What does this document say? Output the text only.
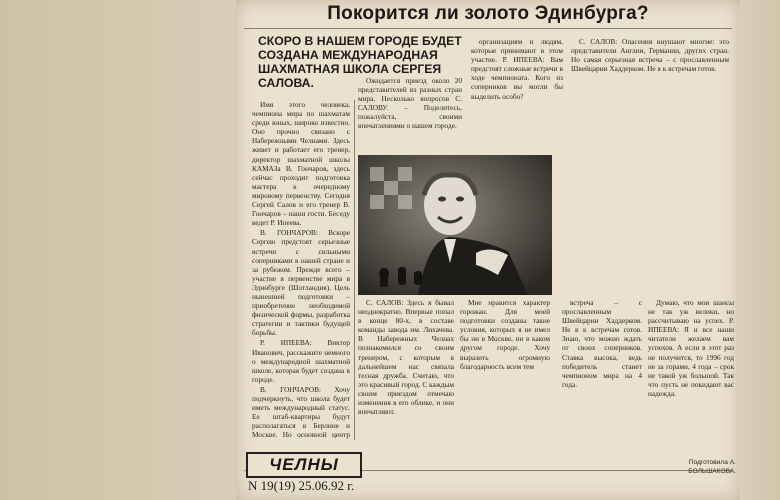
Покорится ли золото Эдинбурга?
СКОРО В НАШЕМ ГОРОДЕ БУДЕТ СОЗДАНА МЕЖДУНАРОДНАЯ ШАХМАТНАЯ ШКОЛА СЕРГЕЯ САЛОВА.

Имя этого человека, чемпиона мира по шахматам среди юных, широко известно. Оно прочно связано с Набережными Челнами. Здесь живет и работает его тренер, директор шахматной школы КАМАЗа В. Гончаров, здесь сейчас проходит подготовка мастера к очередному мировому первенству. Сегодня Сергей Салов и его тренер В. Гончаров – наши гости. Беседу ведет Р. Ипеева.

В. ГОНЧАРОВ: Вскоре Сергею предстоят серьезные встречи с сильными соперниками в нашей стране и за рубежом. Прежде всего – участие в первенстве мира в Эдинбурге (Шотландия). Цель нынешней подготовки – приобретение необходимой физической формы, разработка стратегии и тактики будущей борьбы.

Р. ИПЕЕВА: Виктор Иванович, расскажите немного о международной шахматной школе, которая будет создана в городе.

В. ГОНЧАРОВ: Хочу подчеркнуть, что школа будет иметь международный статус. Ее штаб-квартиры будут располагаться в Берлине и Москве. Но основной центр

Ожидается приезд около 20 представителей из разных стран мира. Несколько вопросов С. САЛОВУ. – Поделитесь, пожалуйста, своими впечатлениями о нашем городе.

организациям и людям, которые принимают в этом участие. Р. ИПЕЕВА: Вам предстоят сложные встречи в ходе чемпионата. Кого из соперников вы могли бы выделить особо?

С. САЛОВ: Опасения внушают многие: это представители Англии, Германии, других стран. Но самая серьезная встреча – с прославленным Швейцарии Хаддерком. Не в к встречам готов.

С. САЛОВ: Здесь я бывал неоднократно. Впервые попал в конце 80-х, в составе команды завода им. Лихачева. В Набережных Челнах познакомился со своим тренером, с которым в дальнейшем нас связала тесная дружба. Считаю, что это красивый город. С каждым своим приездом отмечаю изменения в его облике, и они впечатляют.

Мне нравится характер горожан. Для моей подготовки созданы такие условия, которых я не имел бы ни в Москве, ни в каком другом городе. Хочу выразить огромную благодарность всем тем

встреча – с прославленным Швейцарии Хаддерком. Не в к встречам готов. Знаю, что можно ждать от своих соперников. Ставка высока, ведь победитель станет чемпионом мира на 4 года.

Думаю, что мои шансы не так уж велики, но рассчитываю на успех. Р. ИПЕЕВА: Я и все наши читатели желаем вам успехов. А если в этот раз не получится, то 1996 год не за горами, 4 года – срок не такой уж большой. Так что пусть не покидают вас надежда.

Подготовила А. БОЛЬШАКОВА.
ЧЕЛНЫ
N 19(19) 25.06.92 г.
